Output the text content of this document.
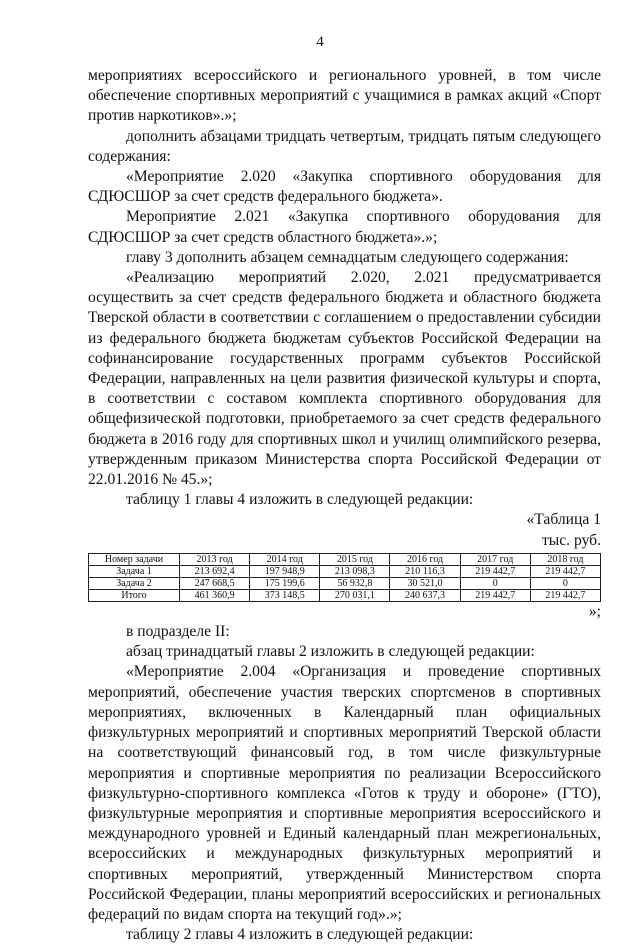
4

мероприятиях всероссийского и регионального уровней, в том числе обеспечение спортивных мероприятий с учащимися в рамках акций «Спорт против наркотиков».»;

дополнить абзацами тридцать четвертым, тридцать пятым следующего содержания:

«Мероприятие 2.020 «Закупка спортивного оборудования для СДЮСШОР за счет средств федерального бюджета».

Мероприятие 2.021 «Закупка спортивного оборудования для СДЮСШОР за счет средств областного бюджета».»;

главу 3 дополнить абзацем семнадцатым следующего содержания:

«Реализацию мероприятий 2.020, 2.021 предусматривается осуществить за счет средств федерального бюджета и областного бюджета Тверской области в соответствии с соглашением о предоставлении субсидии из федерального бюджета бюджетам субъектов Российской Федерации на софинансирование государственных программ субъектов Российской Федерации, направленных на цели развития физической культуры и спорта, в соответствии с составом комплекта спортивного оборудования для общефизической подготовки, приобретаемого за счет средств федерального бюджета в 2016 году для спортивных школ и училищ олимпийского резерва, утвержденным приказом Министерства спорта Российской Федерации от 22.01.2016 № 45.»;

таблицу 1 главы 4 изложить в следующей редакции:

«Таблица 1

тыс. руб.

Номер задачи	2013 год	2014 год	2015 год	2016 год	2017 год	2018 год
Задача 1	213 692,4	197 948,9	213 098,3	210 116,3	219 442,7	219 442,7
Задача 2	247 668,5	175 199,6	56 932,8	30 521,0	0	0
Итого	461 360,9	373 148,5	270 031,1	240 637,3	219 442,7	219 442,7

»;

в подразделе II:

абзац тринадцатый главы 2 изложить в следующей редакции:

«Мероприятие 2.004 «Организация и проведение спортивных мероприятий, обеспечение участия тверских спортсменов в спортивных мероприятиях, включенных в Календарный план официальных физкультурных мероприятий и спортивных мероприятий Тверской области на соответствующий финансовый год, в том числе физкультурные мероприятия и спортивные мероприятия по реализации Всероссийского физкультурно-спортивного комплекса «Готов к труду и обороне» (ГТО), физкультурные мероприятия и спортивные мероприятия всероссийского и международного уровней и Единый календарный план межрегиональных, всероссийских и международных физкультурных мероприятий и спортивных мероприятий, утвержденный Министерством спорта Российской Федерации, планы мероприятий всероссийских и региональных федераций по видам спорта на текущий год».»;

таблицу 2 главы 4 изложить в следующей редакции:
